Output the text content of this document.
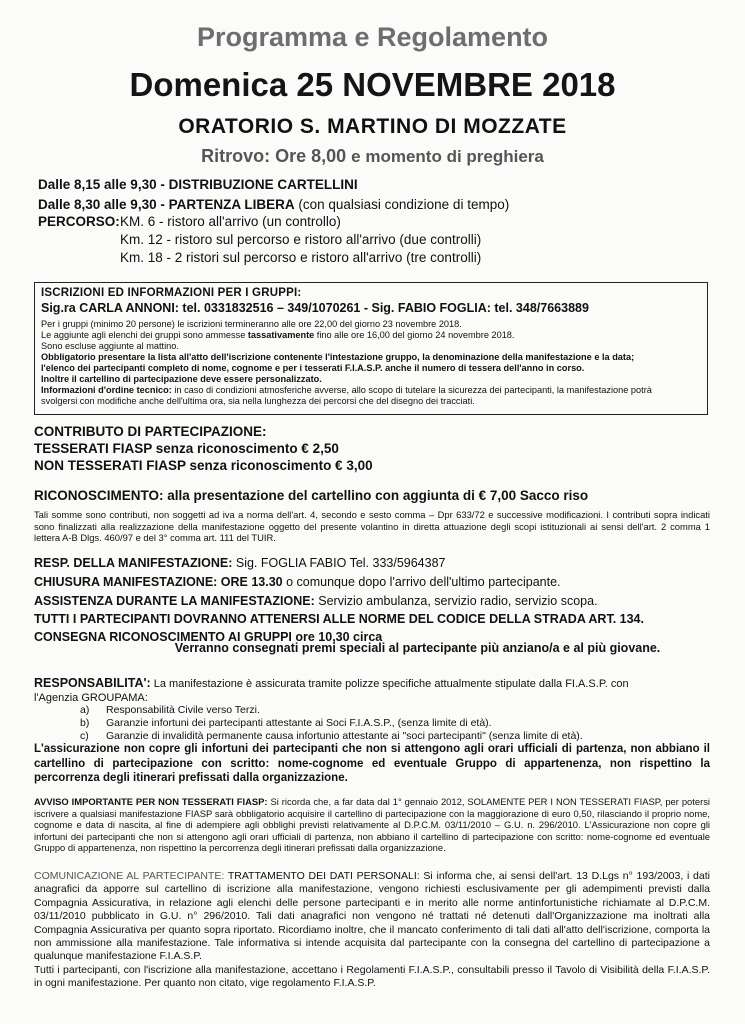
Programma e Regolamento
Domenica 25 NOVEMBRE 2018
ORATORIO S. MARTINO DI MOZZATE
Ritrovo: Ore 8,00 e momento di preghiera
Dalle 8,15 alle 9,30 - DISTRIBUZIONE CARTELLINI
Dalle 8,30 alle 9,30 - PARTENZA LIBERA (con qualsiasi condizione di tempo)
PERCORSO: KM. 6 - ristoro all'arrivo (un controllo)
Km. 12 - ristoro sul percorso e ristoro all'arrivo (due controlli)
Km. 18 - 2 ristori sul percorso e ristoro all'arrivo (tre controlli)
ISCRIZIONI ED INFORMAZIONI PER I GRUPPI:
Sig.ra CARLA ANNONI: tel. 0331832516 – 349/1070261 - Sig. FABIO FOGLIA: tel. 348/7663889
Per i gruppi (minimo 20 persone) le iscrizioni termineranno alle ore 22,00 del giorno 23 novembre 2018.
Le aggiunte agli elenchi dei gruppi sono ammesse tassativamente fino alle ore 16,00 del giorno 24 novembre 2018.
Sono escluse aggiunte al mattino.
Obbligatorio presentare la lista all'atto dell'iscrizione contenente l'intestazione gruppo, la denominazione della manifestazione e la data;
l'elenco dei partecipanti completo di nome, cognome e per i tesserati F.I.A.S.P. anche il numero di tessera dell'anno in corso.
Inoltre il cartellino di partecipazione deve essere personalizzato.
Informazioni d'ordine tecnico: in caso di condizioni atmosferiche avverse, allo scopo di tutelare la sicurezza dei partecipanti, la manifestazione potrà
svolgersi con modifiche anche dell'ultima ora, sia nella lunghezza dei percorsi che del disegno dei tracciati.
CONTRIBUTO DI PARTECIPAZIONE:
TESSERATI FIASP senza riconoscimento € 2,50
NON TESSERATI FIASP senza riconoscimento € 3,00
RICONOSCIMENTO: alla presentazione del cartellino con aggiunta di € 7,00 Sacco riso
Tali somme sono contributi, non soggetti ad iva a norma dell'art. 4, secondo e sesto comma – Dpr 633/72 e successive modificazioni. I contributi sopra indicati sono finalizzati alla realizzazione della manifestazione oggetto del presente volantino in diretta attuazione degli scopi istituzionali ai sensi dell'art. 2 comma 1 lettera A-B Dlgs. 460/97 e del 3° comma art. 111 del TUIR.
RESP. DELLA MANIFESTAZIONE: Sig. FOGLIA FABIO Tel. 333/5964387
CHIUSURA MANIFESTAZIONE: ORE 13.30 o comunque dopo l'arrivo dell'ultimo partecipante.
ASSISTENZA DURANTE LA MANIFESTAZIONE: Servizio ambulanza, servizio radio, servizio scopa.
TUTTI I PARTECIPANTI DOVRANNO ATTENERSI ALLE NORME DEL CODICE DELLA STRADA ART. 134.
CONSEGNA RICONOSCIMENTO AI GRUPPI ore 10,30 circa
Verranno consegnati premi speciali al partecipante più anziano/a e al più giovane.
RESPONSABILITA': La manifestazione è assicurata tramite polizze specifiche attualmente stipulate dalla FI.A.S.P. con
l'Agenzia GROUPAMA:
a) Responsabilità Civile verso Terzi.
b) Garanzie infortuni dei partecipanti attestante ai Soci F.I.A.S.P., (senza limite di età).
c) Garanzie di invalidità permanente causa infortunio attestante ai "soci partecipanti" (senza limite di età).
L'assicurazione non copre gli infortuni dei partecipanti che non si attengono agli orari ufficiali di partenza, non abbiano il cartellino di partecipazione con scritto: nome-cognome ed eventuale Gruppo di appartenenza, non rispettino la percorrenza degli itinerari prefissati dalla organizzazione.
AVVISO IMPORTANTE PER NON TESSERATI FIASP: Si ricorda che, a far data dal 1° gennaio 2012, SOLAMENTE PER I NON TESSERATI FIASP, per potersi iscrivere a qualsiasi manifestazione FIASP sarà obbligatorio acquisire il cartellino di partecipazione con la maggiorazione di euro 0,50, rilasciando il proprio nome, cognome e data di nascita, al fine di adempiere agli obblighi previsti relativamente al D.P.C.M. 03/11/2010 – G.U. n. 296/2010. L'Assicurazione non copre gli infortuni dei partecipanti che non si attengono agli orari ufficiali di partenza, non abbiano il cartellino di partecipazione con scritto: nome-cognome ed eventuale Gruppo di appartenenza, non rispettino la percorrenza degli itinerari prefissati dalla organizzazione.
COMUNICAZIONE AL PARTECIPANTE: TRATTAMENTO DEI DATI PERSONALI: Si informa che, ai sensi dell'art. 13 D.Lgs n° 193/2003, i dati anagrafici da apporre sul cartellino di iscrizione alla manifestazione, vengono richiesti esclusivamente per gli adempimenti previsti dalla Compagnia Assicurativa, in relazione agli elenchi delle persone partecipanti e in merito alle norme antinfortunistiche richiamate al D.P.C.M. 03/11/2010 pubblicato in G.U. n° 296/2010. Tali dati anagrafici non vengono né trattati né detenuti dall'Organizzazione ma inoltrati alla Compagnia Assicurativa per quanto sopra riportato. Ricordiamo inoltre, che il mancato conferimento di tali dati all'atto dell'iscrizione, comporta la non ammissione alla manifestazione. Tale informativa si intende acquisita dal partecipante con la consegna del cartellino di partecipazione a qualunque manifestazione F.I.A.S.P.
Tutti i partecipanti, con l'iscrizione alla manifestazione, accettano i Regolamenti F.I.A.S.P., consultabili presso il Tavolo di Visibilità della F.I.A.S.P. in ogni manifestazione. Per quanto non citato, vige regolamento F.I.A.S.P.
